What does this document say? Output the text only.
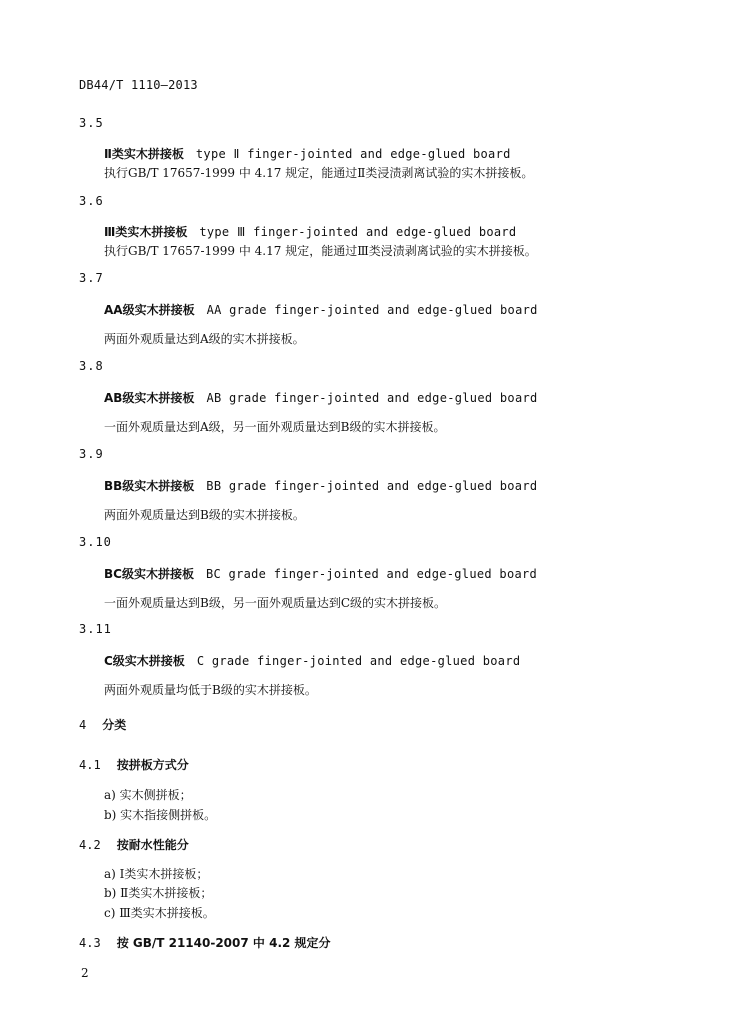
DB44/T 1110—2013
3.5
Ⅱ类实木拼接板 type Ⅱ finger-jointed and edge-glued board
执行GB/T 17657-1999 中 4.17 规定，能通过Ⅱ类浸渍剥离试验的实木拼接板。
3.6
Ⅲ类实木拼接板 type Ⅲ finger-jointed and edge-glued board
执行GB/T 17657-1999 中 4.17 规定，能通过Ⅲ类浸渍剥离试验的实木拼接板。
3.7
AA级实木拼接板 AA grade finger-jointed and edge-glued board
两面外观质量达到A级的实木拼接板。
3.8
AB级实木拼接板 AB grade finger-jointed and edge-glued board
一面外观质量达到A级，另一面外观质量达到B级的实木拼接板。
3.9
BB级实木拼接板 BB grade finger-jointed and edge-glued board
两面外观质量达到B级的实木拼接板。
3.10
BC级实木拼接板 BC grade finger-jointed and edge-glued board
一面外观质量达到B级，另一面外观质量达到C级的实木拼接板。
3.11
C级实木拼接板 C grade finger-jointed and edge-glued board
两面外观质量均低于B级的实木拼接板。
4 分类
4.1 按拼板方式分
a) 实木侧拼板；
b) 实木指接侧拼板。
4.2 按耐水性能分
a) Ⅰ类实木拼接板；
b) Ⅱ类实木拼接板；
c) Ⅲ类实木拼接板。
4.3 按 GB/T 21140-2007 中 4.2 规定分
2
